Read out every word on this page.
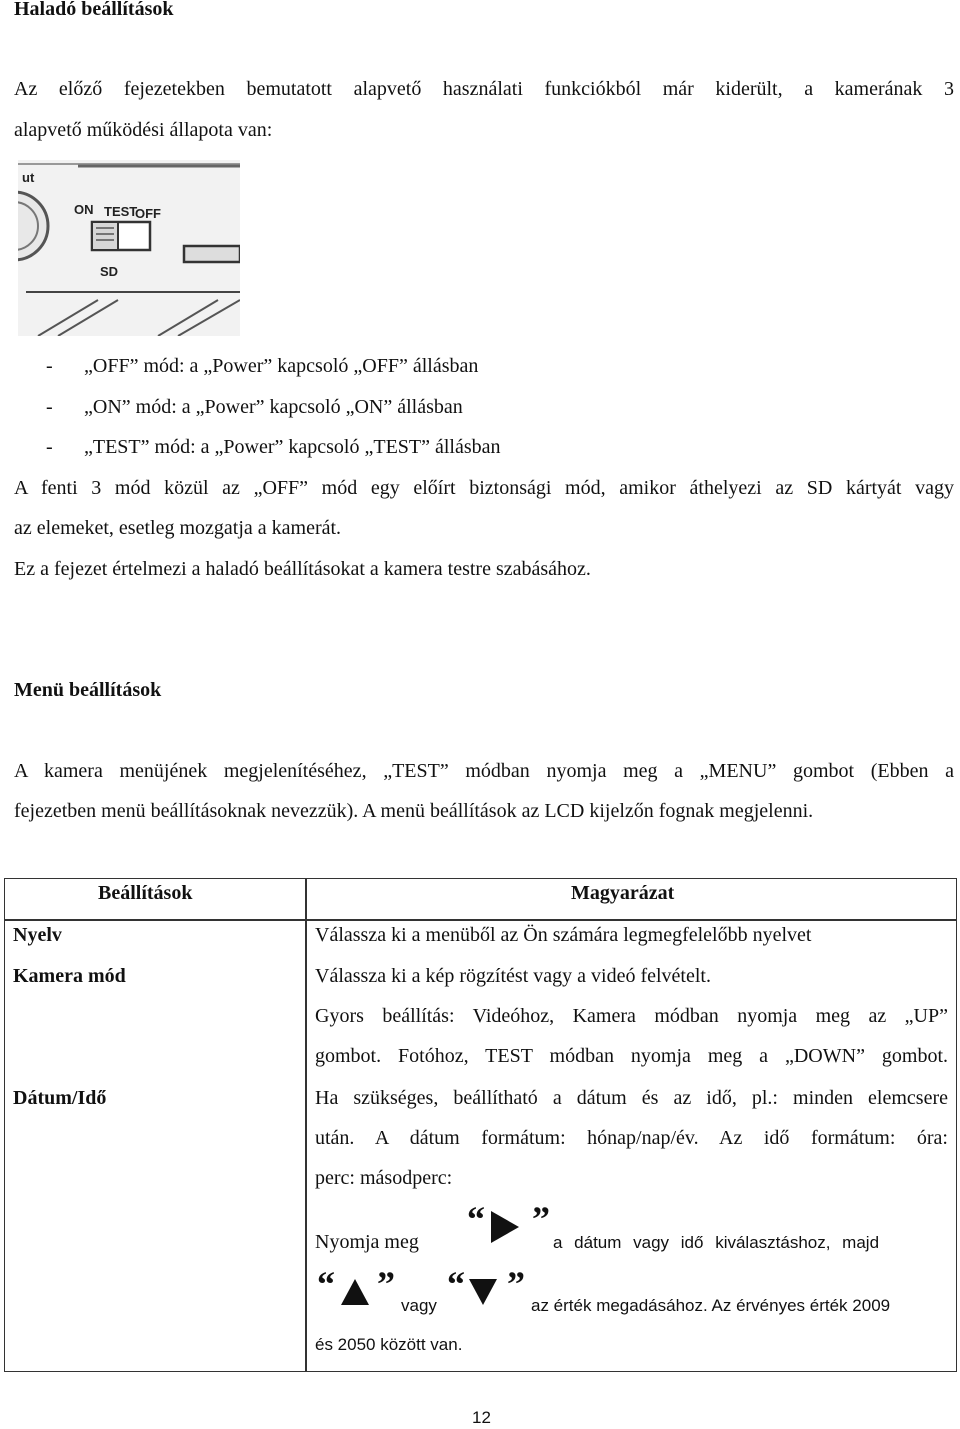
Haladó beállítások
Az előző fejezetekben bemutatott alapvető használati funkciókból már kiderült, a kamerának 3
alapvető működési állapota van:
ut
ON TEST
OFF
SD
- „OFF” mód: a „Power” kapcsoló „OFF” állásban
- „ON” mód: a „Power” kapcsoló „ON” állásban
- „TEST” mód: a „Power” kapcsoló „TEST” állásban
A fenti 3 mód közül az „OFF” mód egy előírt biztonsági mód, amikor áthelyezi az SD kártyát vagy
az elemeket, esetleg mozgatja a kamerát.
Ez a fejezet értelmezi a haladó beállításokat a kamera testre szabásához.
Menü beállítások
A kamera menüjének megjelenítéséhez, „TEST” módban nyomja meg a „MENU” gombot (Ebben a
fejezetben menü beállításoknak nevezzük). A menü beállítások az LCD kijelzőn fognak megjelenni.
Beállítások	Magyarázat
Nyelv	Válassza ki a menüből az Ön számára legmegfelelőbb nyelvet
Kamera mód	Válassza ki a kép rögzítést vagy a videó felvételt.
Gyors beállítás: Videóhoz, Kamera módban nyomja meg az „UP”
gombot. Fotóhoz, TEST módban nyomja meg a „DOWN” gombot.
Dátum/Idő	Ha szükséges, beállítható a dátum és az idő, pl.: minden elemcsere
után. A dátum formátum: hónap/nap/év. Az idő formátum: óra:
perc: másodperc:
Nyomja meg
“ ”
a dátum vagy idő kiválasztáshoz, majd
“ ”
vagy
“ ”
az érték megadásához. Az érvényes érték 2009
és 2050 között van.
12
